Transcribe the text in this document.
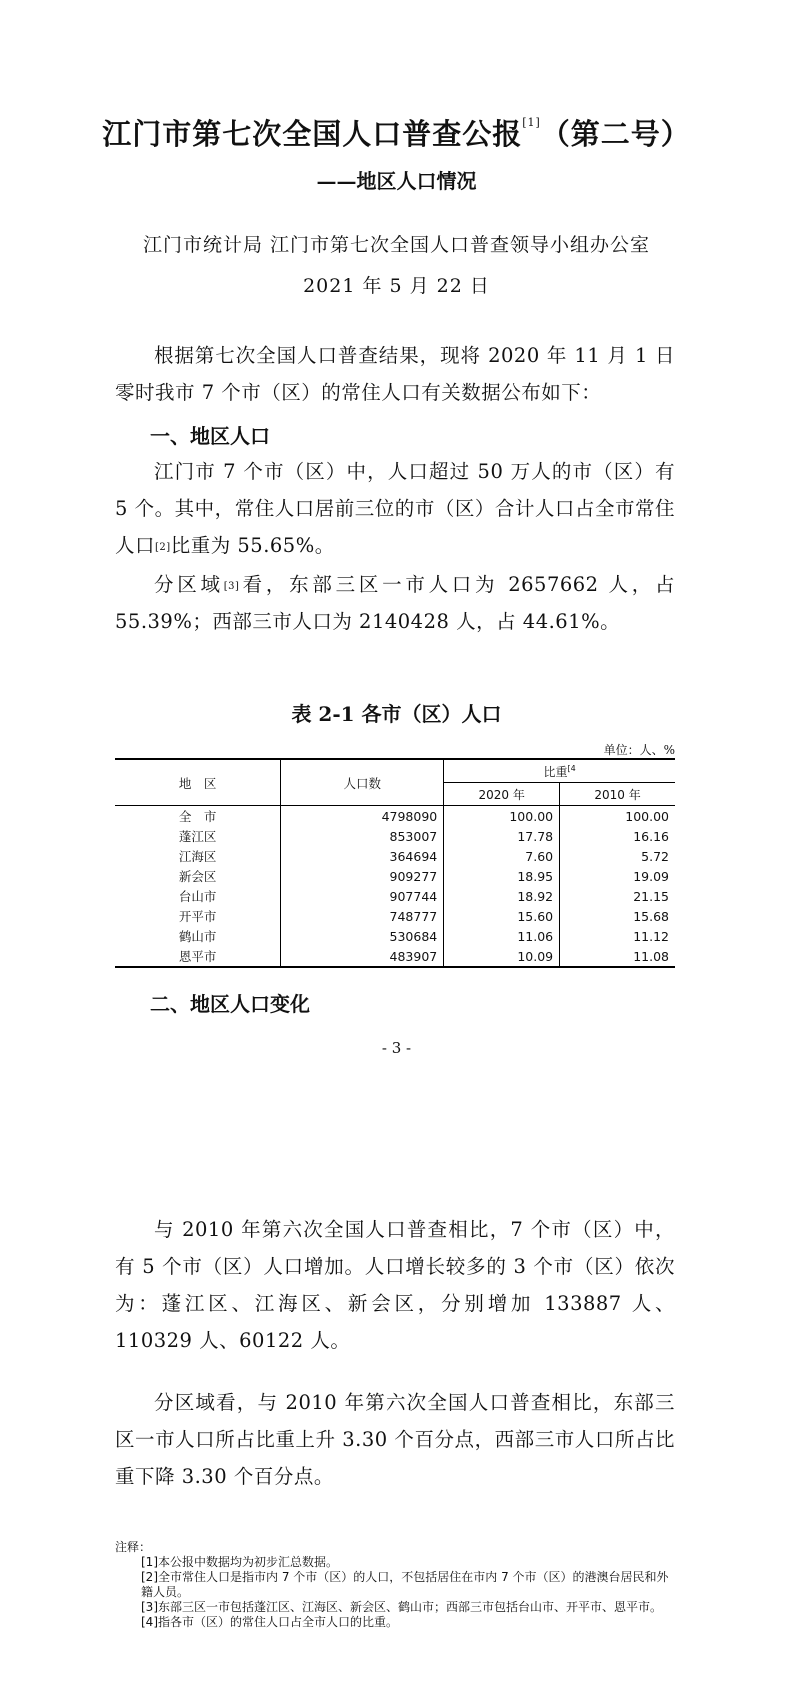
江门市第七次全国人口普查公报[1]（第二号）
——地区人口情况
江门市统计局 江门市第七次全国人口普查领导小组办公室
2021 年 5 月 22 日

根据第七次全国人口普查结果，现将 2020 年 11 月 1 日零时我市 7 个市（区）的常住人口有关数据公布如下：

一、地区人口

江门市 7 个市（区）中，人口超过 50 万人的市（区）有 5 个。其中，常住人口居前三位的市（区）合计人口占全市常住人口[2]比重为 55.65%。

分区域[3]看，东部三区一市人口为 2657662 人，占 55.39%；西部三市人口为 2140428 人，占 44.61%。

表 2-1 各市（区）人口
单位：人、%
地　区	人口数	比重$^{[4}$
		2020 年	2010 年
全　市	4798090	100.00	100.00
蓬江区	853007	17.78	16.16
江海区	364694	7.60	5.72
新会区	909277	18.95	19.09
台山市	907744	18.92	21.15
开平市	748777	15.60	15.68
鹤山市	530684	11.06	11.12
恩平市	483907	10.09	11.08
二、地区人口变化
- 3 -

与 2010 年第六次全国人口普查相比，7 个市（区）中，有 5 个市（区）人口增加。人口增长较多的 3 个市（区）依次为：蓬江区、江海区、新会区，分别增加 133887 人、110329 人、60122 人。

分区域看，与 2010 年第六次全国人口普查相比，东部三区一市人口所占比重上升 3.30 个百分点，西部三市人口所占比重下降 3.30 个百分点。

注释：
[1]本公报中数据均为初步汇总数据。
[2]全市常住人口是指市内 7 个市（区）的人口，不包括居住在市内 7 个市（区）的港澳台居民和外籍人员。
[3]东部三区一市包括蓬江区、江海区、新会区、鹤山市；西部三市包括台山市、开平市、恩平市。
[4]指各市（区）的常住人口占全市人口的比重。
